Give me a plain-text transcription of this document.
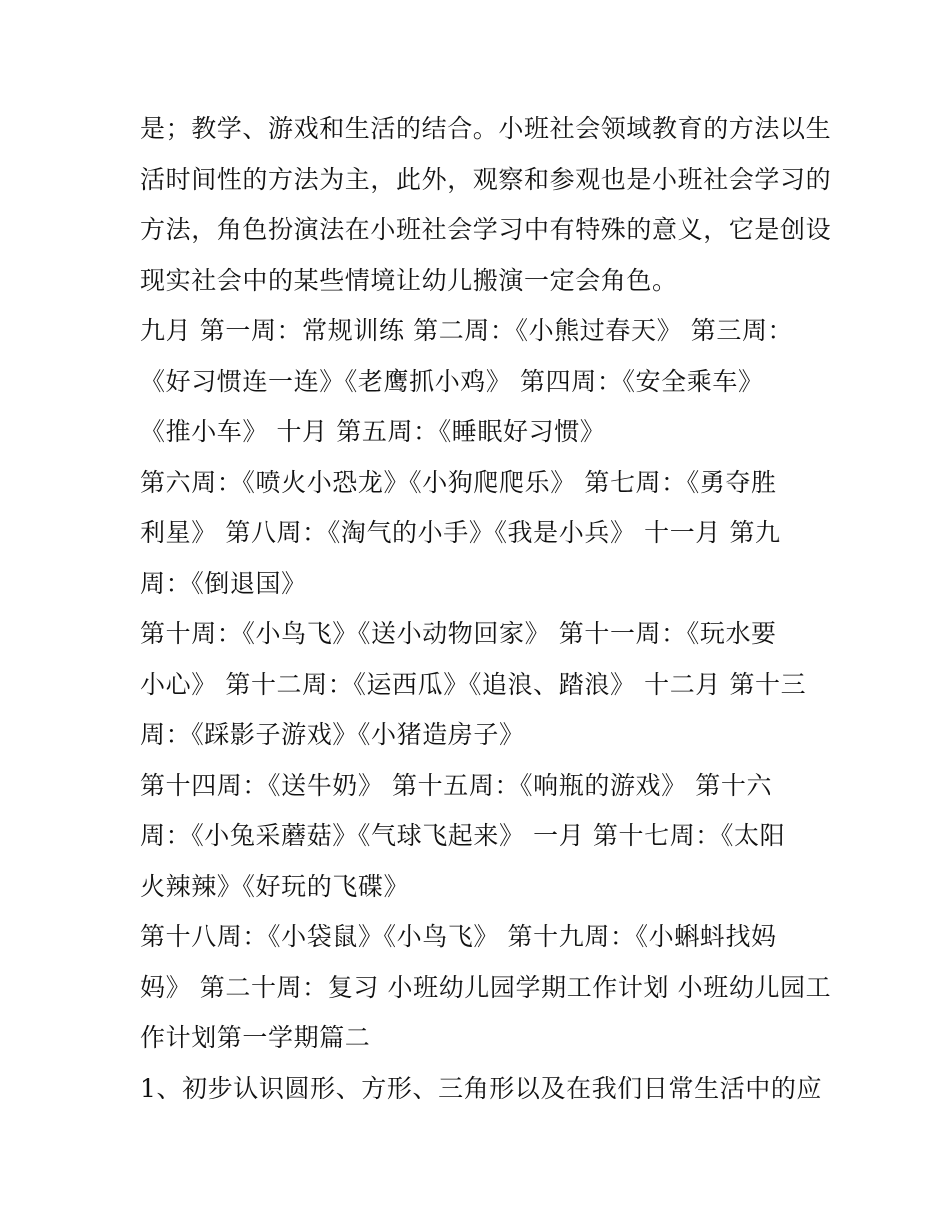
是；教学、游戏和生活的结合。小班社会领域教育的方法以生
活时间性的方法为主，此外，观察和参观也是小班社会学习的
方法，角色扮演法在小班社会学习中有特殊的意义，它是创设
现实社会中的某些情境让幼儿搬演一定会角色。
九月 第一周：常规训练 第二周：《小熊过春天》 第三周：
《好习惯连一连》《老鹰抓小鸡》 第四周：《安全乘车》
《推小车》 十月 第五周：《睡眠好习惯》
第六周：《喷火小恐龙》《小狗爬爬乐》 第七周：《勇夺胜
利星》 第八周：《淘气的小手》《我是小兵》 十一月 第九
周：《倒退国》
第十周：《小鸟飞》《送小动物回家》 第十一周：《玩水要
小心》 第十二周：《运西瓜》《追浪、踏浪》 十二月 第十三
周：《踩影子游戏》《小猪造房子》
第十四周：《送牛奶》 第十五周：《响瓶的游戏》 第十六
周：《小兔采蘑菇》《气球飞起来》 一月 第十七周：《太阳
火辣辣》《好玩的飞碟》
第十八周：《小袋鼠》《小鸟飞》 第十九周：《小蝌蚪找妈
妈》 第二十周：复习 小班幼儿园学期工作计划 小班幼儿园工
作计划第一学期篇二
1、初步认识圆形、方形、三角形以及在我们日常生活中的应
